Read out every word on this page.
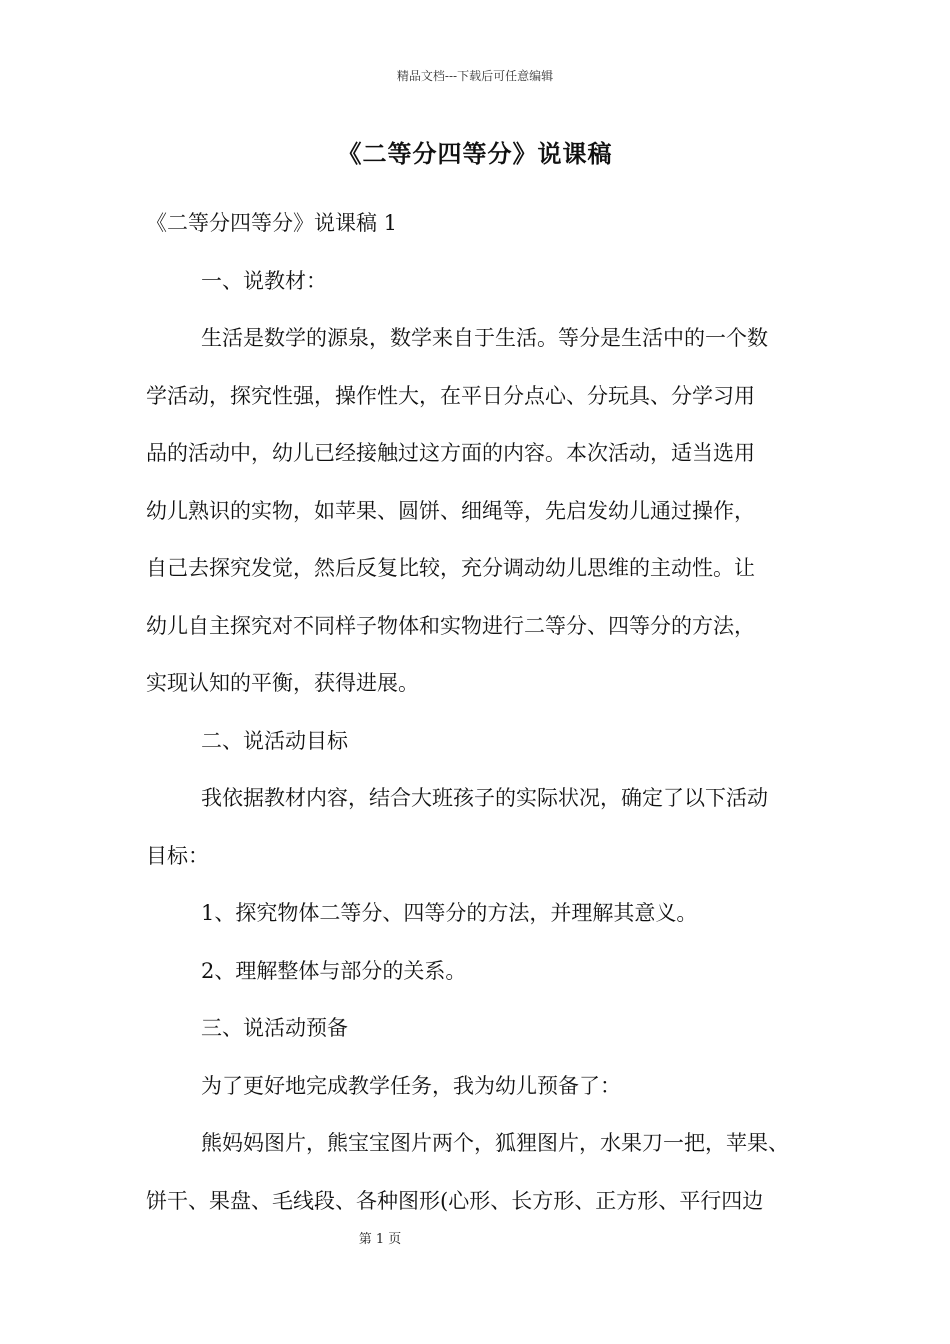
精品文档---下载后可任意编辑
《二等分四等分》说课稿
《二等分四等分》说课稿 1
一、说教材：
生活是数学的源泉，数学来自于生活。等分是生活中的一个数
学活动，探究性强，操作性大，在平日分点心、分玩具、分学习用
品的活动中，幼儿已经接触过这方面的内容。本次活动，适当选用
幼儿熟识的实物，如苹果、圆饼、细绳等，先启发幼儿通过操作，
自己去探究发觉，然后反复比较，充分调动幼儿思维的主动性。让
幼儿自主探究对不同样子物体和实物进行二等分、四等分的方法，
实现认知的平衡，获得进展。
二、说活动目标
我依据教材内容，结合大班孩子的实际状况，确定了以下活动
目标：
1、探究物体二等分、四等分的方法，并理解其意义。
2、理解整体与部分的关系。
三、说活动预备
为了更好地完成教学任务，我为幼儿预备了：
熊妈妈图片，熊宝宝图片两个，狐狸图片，水果刀一把，苹果、
饼干、果盘、毛线段、各种图形(心形、长方形、正方形、平行四边
第 1 页
